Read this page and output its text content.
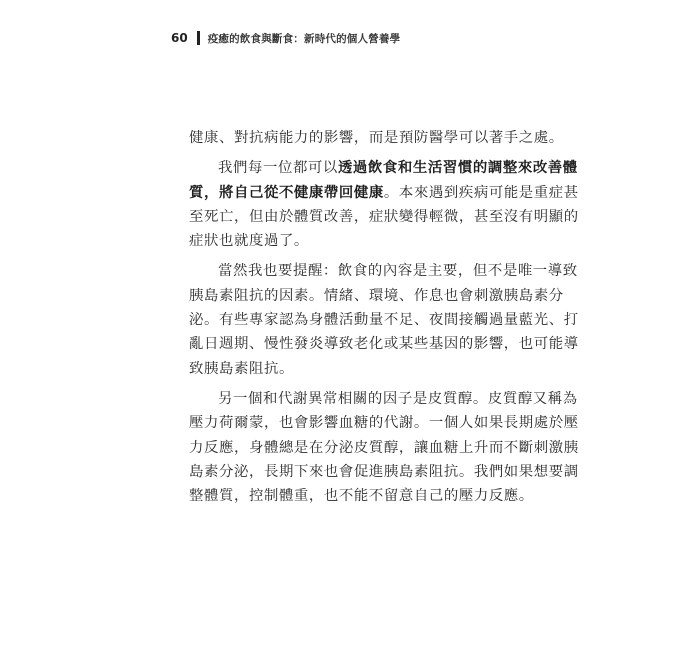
60 疫癒的飲食與斷食：新時代的個人營養學
健康、對抗病能力的影響，而是預防醫學可以著手之處。
我們每一位都可以透過飲食和生活習慣的調整來改善體
質，將自己從不健康帶回健康。本來遇到疾病可能是重症甚
至死亡，但由於體質改善，症狀變得輕微，甚至沒有明顯的
症狀也就度過了。
當然我也要提醒：飲食的內容是主要，但不是唯一導致
胰島素阻抗的因素。情緒、環境、作息也會刺激胰島素分
泌。有些專家認為身體活動量不足、夜間接觸過量藍光、打
亂日週期、慢性發炎導致老化或某些基因的影響，也可能導
致胰島素阻抗。
另一個和代謝異常相關的因子是皮質醇。皮質醇又稱為
壓力荷爾蒙，也會影響血糖的代謝。一個人如果長期處於壓
力反應，身體總是在分泌皮質醇，讓血糖上升而不斷刺激胰
島素分泌，長期下來也會促進胰島素阻抗。我們如果想要調
整體質，控制體重，也不能不留意自己的壓力反應。
